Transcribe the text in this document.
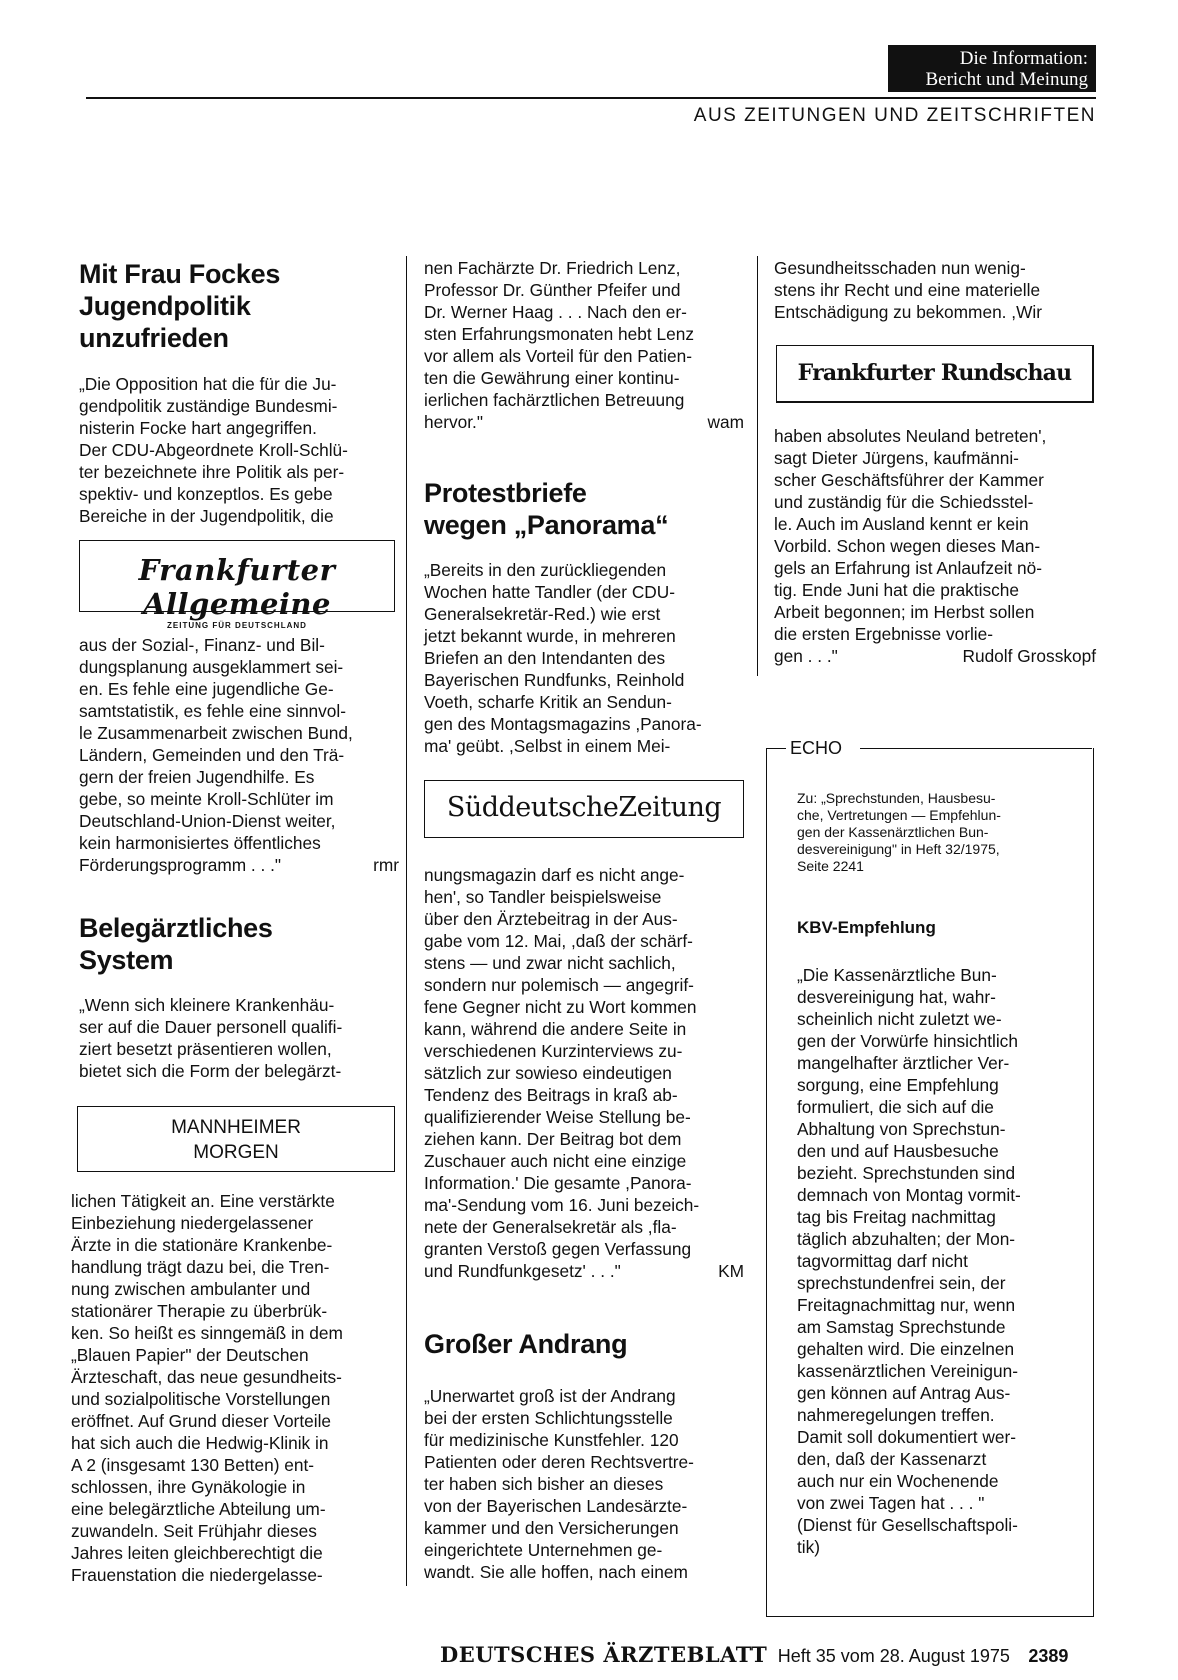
Die Information:
Bericht und Meinung
AUS ZEITUNGEN UND ZEITSCHRIFTEN
Mit Frau Fockes
Jugendpolitik
unzufrieden
„Die Opposition hat die für die Ju-
gendpolitik zuständige Bundesmi-
nisterin Focke hart angegriffen.
Der CDU-Abgeordnete Kroll-Schlü-
ter bezeichnete ihre Politik als per-
spektiv- und konzeptlos. Es gebe
Bereiche in der Jugendpolitik, die
Frankfurter Allgemeine
ZEITUNG FÜR DEUTSCHLAND
aus der Sozial-, Finanz- und Bil-
dungsplanung ausgeklammert sei-
en. Es fehle eine jugendliche Ge-
samtstatistik, es fehle eine sinnvol-
le Zusammenarbeit zwischen Bund,
Ländern, Gemeinden und den Trä-
gern der freien Jugendhilfe. Es
gebe, so meinte Kroll-Schlüter im
Deutschland-Union-Dienst weiter,
kein harmonisiertes öffentliches
Förderungsprogramm . . ."	rmr
Belegärztliches
System
„Wenn sich kleinere Krankenhäu-
ser auf die Dauer personell qualifi-
ziert besetzt präsentieren wollen,
bietet sich die Form der belegärzt-
MANNHEIMER
MORGEN
lichen Tätigkeit an. Eine verstärkte
Einbeziehung niedergelassener
Ärzte in die stationäre Krankenbe-
handlung trägt dazu bei, die Tren-
nung zwischen ambulanter und
stationärer Therapie zu überbrük-
ken. So heißt es sinngemäß in dem
„Blauen Papier" der Deutschen
Ärzteschaft, das neue gesundheits-
und sozialpolitische Vorstellungen
eröffnet. Auf Grund dieser Vorteile
hat sich auch die Hedwig-Klinik in
A 2 (insgesamt 130 Betten) ent-
schlossen, ihre Gynäkologie in
eine belegärztliche Abteilung um-
zuwandeln. Seit Frühjahr dieses
Jahres leiten gleichberechtigt die
Frauenstation die niedergelasse-
nen Fachärzte Dr. Friedrich Lenz,
Professor Dr. Günther Pfeifer und
Dr. Werner Haag . . . Nach den er-
sten Erfahrungsmonaten hebt Lenz
vor allem als Vorteil für den Patien-
ten die Gewährung einer kontinu-
ierlichen fachärztlichen Betreuung
hervor."	wam
Protestbriefe
wegen „Panorama“
„Bereits in den zurückliegenden
Wochen hatte Tandler (der CDU-
Generalsekretär-Red.) wie erst
jetzt bekannt wurde, in mehreren
Briefen an den Intendanten des
Bayerischen Rundfunks, Reinhold
Voeth, scharfe Kritik an Sendun-
gen des Montagsmagazins ,Panora-
ma' geübt. ,Selbst in einem Mei-
SüddeutscheZeitung
nungsmagazin darf es nicht ange-
hen', so Tandler beispielsweise
über den Ärztebeitrag in der Aus-
gabe vom 12. Mai, ,daß der schärf-
stens — und zwar nicht sachlich,
sondern nur polemisch — angegrif-
fene Gegner nicht zu Wort kommen
kann, während die andere Seite in
verschiedenen Kurzinterviews zu-
sätzlich zur sowieso eindeutigen
Tendenz des Beitrags in kraß ab-
qualifizierender Weise Stellung be-
ziehen kann. Der Beitrag bot dem
Zuschauer auch nicht eine einzige
Information.' Die gesamte ,Panora-
ma'-Sendung vom 16. Juni bezeich-
nete der Generalsekretär als ,fla-
granten Verstoß gegen Verfassung
und Rundfunkgesetz' . . ."	KM
Großer Andrang
„Unerwartet groß ist der Andrang
bei der ersten Schlichtungsstelle
für medizinische Kunstfehler. 120
Patienten oder deren Rechtsvertre-
ter haben sich bisher an dieses
von der Bayerischen Landesärzte-
kammer und den Versicherungen
eingerichtete Unternehmen ge-
wandt. Sie alle hoffen, nach einem
Gesundheitsschaden nun wenig-
stens ihr Recht und eine materielle
Entschädigung zu bekommen. ,Wir
Frankfurter Rundschau
haben absolutes Neuland betreten',
sagt Dieter Jürgens, kaufmänni-
scher Geschäftsführer der Kammer
und zuständig für die Schiedsstel-
le. Auch im Ausland kennt er kein
Vorbild. Schon wegen dieses Man-
gels an Erfahrung ist Anlaufzeit nö-
tig. Ende Juni hat die praktische
Arbeit begonnen; im Herbst sollen
die ersten Ergebnisse vorlie-
gen . . ."	Rudolf Grosskopf
ECHO
Zu: „Sprechstunden, Hausbesu-
che, Vertretungen — Empfehlun-
gen der Kassenärztlichen Bun-
desvereinigung" in Heft 32/1975,
Seite 2241
KBV-Empfehlung
„Die Kassenärztliche Bun-
desvereinigung hat, wahr-
scheinlich nicht zuletzt we-
gen der Vorwürfe hinsichtlich
mangelhafter ärztlicher Ver-
sorgung, eine Empfehlung
formuliert, die sich auf die
Abhaltung von Sprechstun-
den und auf Hausbesuche
bezieht. Sprechstunden sind
demnach von Montag vormit-
tag bis Freitag nachmittag
täglich abzuhalten; der Mon-
tagvormittag darf nicht
sprechstundenfrei sein, der
Freitagnachmittag nur, wenn
am Samstag Sprechstunde
gehalten wird. Die einzelnen
kassenärztlichen Vereinigun-
gen können auf Antrag Aus-
nahmeregelungen treffen.
Damit soll dokumentiert wer-
den, daß der Kassenarzt
auch nur ein Wochenende
von zwei Tagen hat . . . "
(Dienst für Gesellschaftspoli-
tik)
DEUTSCHES ÄRZTEBLATT Heft 35 vom 28. August 1975 2389
